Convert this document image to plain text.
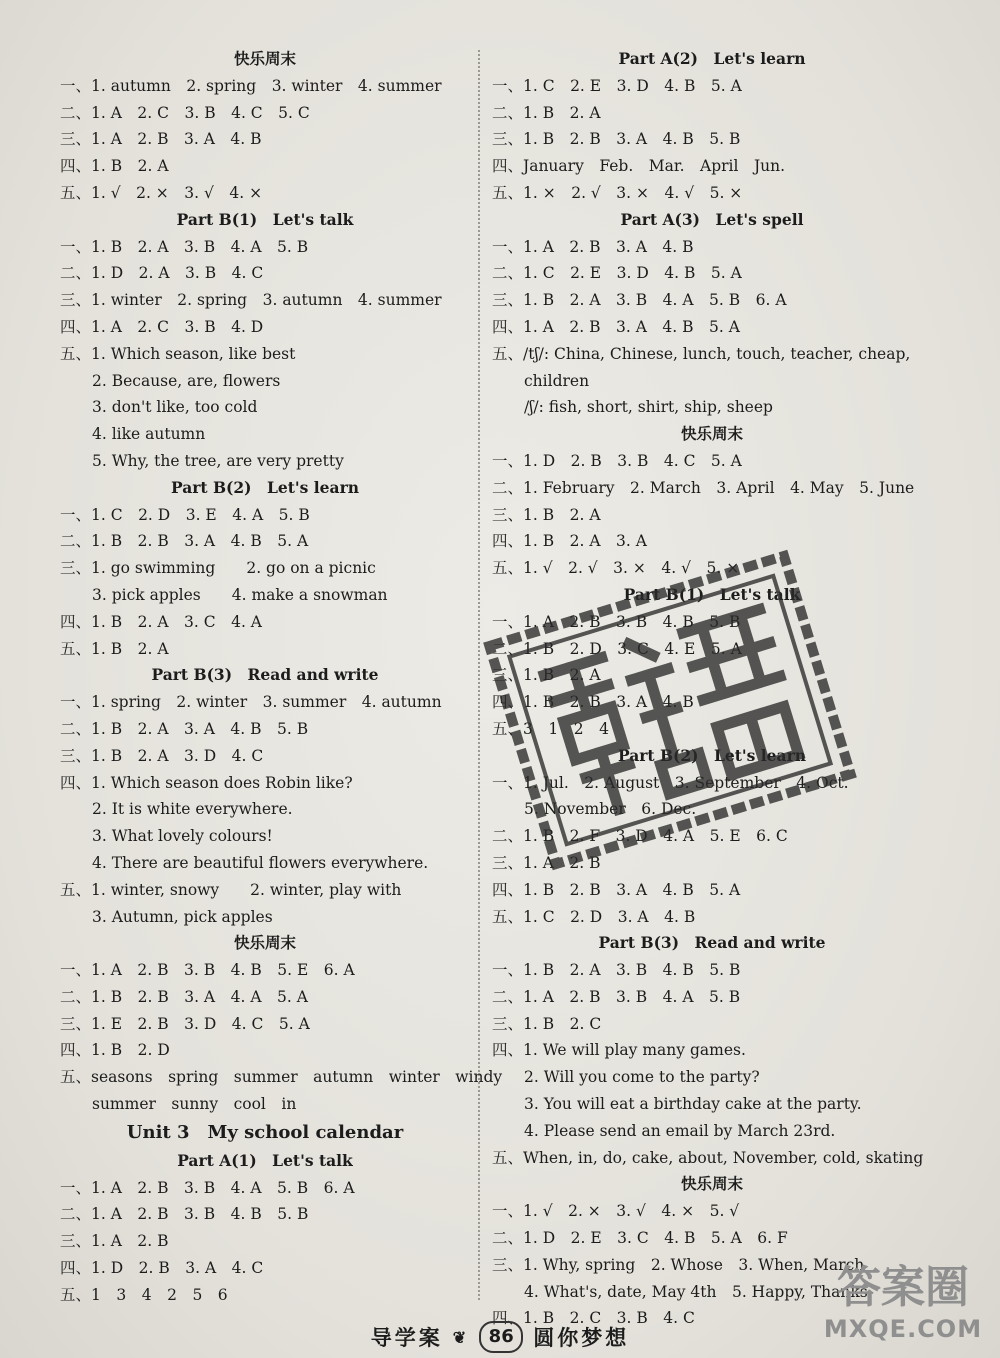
快乐周末
一、1. autumn　2. spring　3. winter　4. summer
二、1. A　2. C　3. B　4. C　5. C
三、1. A　2. B　3. A　4. B
四、1. B　2. A
五、1. √　2. ×　3. √　4. ×
Part B(1)　Let's talk
一、1. B　2. A　3. B　4. A　5. B
二、1. D　2. A　3. B　4. C
三、1. winter　2. spring　3. autumn　4. summer
四、1. A　2. C　3. B　4. D
五、1. Which season, like best
2. Because, are, flowers
3. don't like, too cold
4. like autumn
5. Why, the tree, are very pretty
Part B(2)　Let's learn
一、1. C　2. D　3. E　4. A　5. B
二、1. B　2. B　3. A　4. B　5. A
三、1. go swimming　　2. go on a picnic
3. pick apples　　4. make a snowman
四、1. B　2. A　3. C　4. A
五、1. B　2. A
Part B(3)　Read and write
一、1. spring　2. winter　3. summer　4. autumn
二、1. B　2. A　3. A　4. B　5. B
三、1. B　2. A　3. D　4. C
四、1. Which season does Robin like?
2. It is white everywhere.
3. What lovely colours!
4. There are beautiful flowers everywhere.
五、1. winter, snowy　　2. winter, play with
3. Autumn, pick apples
快乐周末
一、1. A　2. B　3. B　4. B　5. E　6. A
二、1. B　2. B　3. A　4. A　5. A
三、1. E　2. B　3. D　4. C　5. A
四、1. B　2. D
五、seasons　spring　summer　autumn　winter　windy
summer　sunny　cool　in
Unit 3　My school calendar
Part A(1)　Let's talk
一、1. A　2. B　3. B　4. A　5. B　6. A
二、1. A　2. B　3. B　4. B　5. B
三、1. A　2. B
四、1. D　2. B　3. A　4. C
五、1　3　4　2　5　6
Part A(2)　Let's learn
一、1. C　2. E　3. D　4. B　5. A
二、1. B　2. A
三、1. B　2. B　3. A　4. B　5. B
四、January　Feb.　Mar.　April　Jun.
五、1. ×　2. √　3. ×　4. √　5. ×
Part A(3)　Let's spell
一、1. A　2. B　3. A　4. B
二、1. C　2. E　3. D　4. B　5. A
三、1. B　2. A　3. B　4. A　5. B　6. A
四、1. A　2. B　3. A　4. B　5. A
五、/tʃ/: China, Chinese, lunch, touch, teacher, cheap,
children
/ʃ/: fish, short, shirt, ship, sheep
快乐周末
一、1. D　2. B　3. B　4. C　5. A
二、1. February　2. March　3. April　4. May　5. June
三、1. B　2. A
四、1. B　2. A　3. A
五、1. √　2. √　3. ×　4. √　5. ×
Part B(1)　Let's talk
一、1. A　2. B　3. B　4. B　5. B
二、1. B　2. D　3. C　4. E　5. A
三、1. B　2. A
四、1. B　2. B　3. A　4. B
五、3　1　2　4
Part B(2)　Let's learn
一、1. Jul.　2. August　3. September　4. Oct.
5. November　6. Dec.
二、1. B　2. F　3. D　4. A　5. E　6. C
三、1. A　2. B
四、1. B　2. B　3. A　4. B　5. A
五、1. C　2. D　3. A　4. B
Part B(3)　Read and write
一、1. B　2. A　3. B　4. B　5. B
二、1. A　2. B　3. B　4. A　5. B
三、1. B　2. C
四、1. We will play many games.
2. Will you come to the party?
3. You will eat a birthday cake at the party.
4. Please send an email by March 23rd.
五、When, in, do, cake, about, November, cold, skating
快乐周末
一、1. √　2. ×　3. √　4. ×　5. √
二、1. D　2. E　3. C　4. B　5. A　6. F
三、1. Why, spring　2. Whose　3. When, March
4. What's, date, May 4th　5. Happy, Thanks
四、1. B　2. C　3. B　4. C
导学案 ❦	86 圆你梦想
答案圈
MXQE.COM
